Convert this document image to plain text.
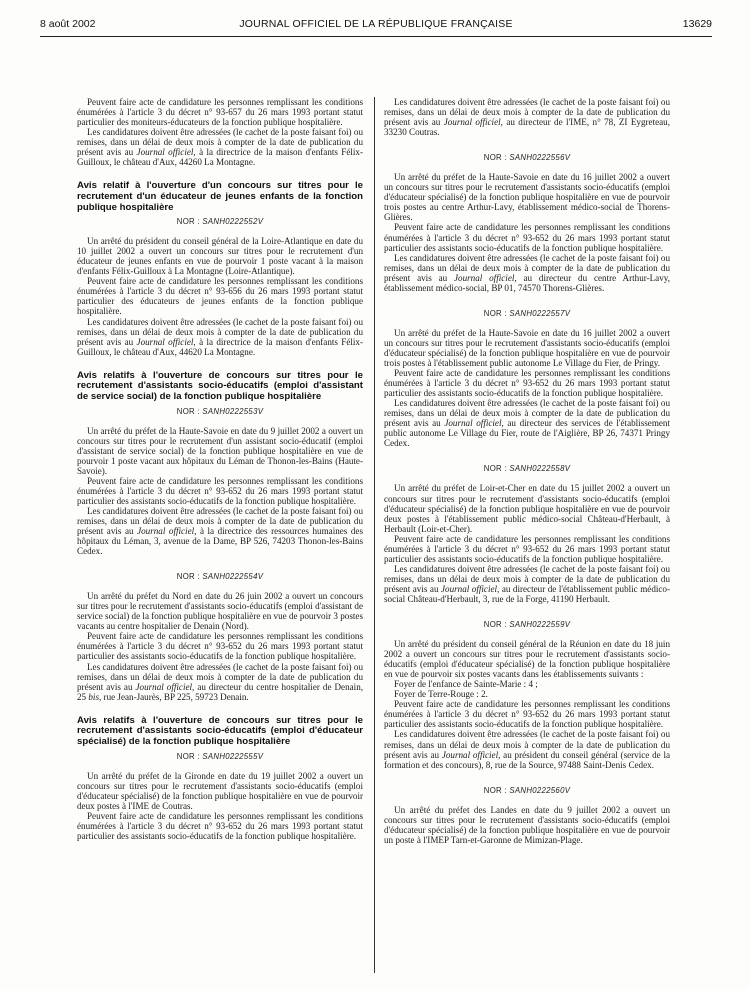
8 août 2002	JOURNAL OFFICIEL DE LA RÉPUBLIQUE FRANÇAISE	13629

Peuvent faire acte de candidature les personnes remplissant les conditions énumérées à l'article 3 du décret n° 93-657 du 26 mars 1993 portant statut particulier des moniteurs-éducateurs de la fonction publique hospitalière.

Les candidatures doivent être adressées (le cachet de la poste faisant foi) ou remises, dans un délai de deux mois à compter de la date de publication du présent avis au Journal officiel, à la directrice de la maison d'enfants Félix-Guilloux, le château d'Aux, 44260 La Montagne.

Avis relatif à l'ouverture d'un concours sur titres pour le recrutement d'un éducateur de jeunes enfants de la fonction publique hospitalière
NOR : SANH0222552V

Un arrêté du président du conseil général de la Loire-Atlantique en date du 10 juillet 2002 a ouvert un concours sur titres pour le recrutement d'un éducateur de jeunes enfants en vue de pourvoir 1 poste vacant à la maison d'enfants Félix-Guilloux à La Montagne (Loire-Atlantique).

Peuvent faire acte de candidature les personnes remplissant les conditions énumérées à l'article 3 du décret n° 93-656 du 26 mars 1993 portant statut particulier des éducateurs de jeunes enfants de la fonction publique hospitalière.

Les candidatures doivent être adressées (le cachet de la poste faisant foi) ou remises, dans un délai de deux mois à compter de la date de publication du présent avis au Journal officiel, à la directrice de la maison d'enfants Félix-Guilloux, le château d'Aux, 44620 La Montagne.

Avis relatifs à l'ouverture de concours sur titres pour le recrutement d'assistants socio-éducatifs (emploi d'assistant de service social) de la fonction publique hospitalière
NOR : SANH0222553V

Un arrêté du préfet de la Haute-Savoie en date du 9 juillet 2002 a ouvert un concours sur titres pour le recrutement d'un assistant socio-éducatif (emploi d'assistant de service social) de la fonction publique hospitalière en vue de pourvoir 1 poste vacant aux hôpitaux du Léman de Thonon-les-Bains (Haute-Savoie).

Peuvent faire acte de candidature les personnes remplissant les conditions énumérées à l'article 3 du décret n° 93-652 du 26 mars 1993 portant statut particulier des assistants socio-éducatifs de la fonction publique hospitalière.

Les candidatures doivent être adressées (le cachet de la poste faisant foi) ou remises, dans un délai de deux mois à compter de la date de publication du présent avis au Journal officiel, à la directrice des ressources humaines des hôpitaux du Léman, 3, avenue de la Dame, BP 526, 74203 Thonon-les-Bains Cedex.

NOR : SANH0222554V

Un arrêté du préfet du Nord en date du 26 juin 2002 a ouvert un concours sur titres pour le recrutement d'assistants socio-éducatifs (emploi d'assistant de service social) de la fonction publique hospitalière en vue de pourvoir 3 postes vacants au centre hospitalier de Denain (Nord).

Peuvent faire acte de candidature les personnes remplissant les conditions énumérées à l'article 3 du décret n° 93-652 du 26 mars 1993 portant statut particulier des assistants socio-éducatifs de la fonction publique hospitalière.

Les candidatures doivent être adressées (le cachet de la poste faisant foi) ou remises, dans un délai de deux mois à compter de la date de publication du présent avis au Journal officiel, au directeur du centre hospitalier de Denain, 25 bis, rue Jean-Jaurès, BP 225, 59723 Denain.

Avis relatifs à l'ouverture de concours sur titres pour le recrutement d'assistants socio-éducatifs (emploi d'éducateur spécialisé) de la fonction publique hospitalière
NOR : SANH0222555V

Un arrêté du préfet de la Gironde en date du 19 juillet 2002 a ouvert un concours sur titres pour le recrutement d'assistants socio-éducatifs (emploi d'éducateur spécialisé) de la fonction publique hospitalière en vue de pourvoir deux postes à l'IME de Coutras.

Peuvent faire acte de candidature les personnes remplissant les conditions énumérées à l'article 3 du décret n° 93-652 du 26 mars 1993 portant statut particulier des assistants socio-éducatifs de la fonction publique hospitalière.

Les candidatures doivent être adressées (le cachet de la poste faisant foi) ou remises, dans un délai de deux mois à compter de la date de publication du présent avis au Journal officiel, au directeur de l'IME, n° 78, ZI Eygreteau, 33230 Coutras.

NOR : SANH0222556V

Un arrêté du préfet de la Haute-Savoie en date du 16 juillet 2002 a ouvert un concours sur titres pour le recrutement d'assistants socio-éducatifs (emploi d'éducateur spécialisé) de la fonction publique hospitalière en vue de pourvoir trois postes au centre Arthur-Lavy, établissement médico-social de Thorens-Glières.

Peuvent faire acte de candidature les personnes remplissant les conditions énumérées à l'article 3 du décret n° 93-652 du 26 mars 1993 portant statut particulier des assistants socio-éducatifs de la fonction publique hospitalière.

Les candidatures doivent être adressées (le cachet de la poste faisant foi) ou remises, dans un délai de deux mois à compter de la date de publication du présent avis au Journal officiel, au directeur du centre Arthur-Lavy, établissement médico-social, BP 01, 74570 Thorens-Glières.

NOR : SANH0222557V

Un arrêté du préfet de la Haute-Savoie en date du 16 juillet 2002 a ouvert un concours sur titres pour le recrutement d'assistants socio-éducatifs (emploi d'éducateur spécialisé) de la fonction publique hospitalière en vue de pourvoir trois postes à l'établissement public autonome Le Village du Fier, de Pringy.

Peuvent faire acte de candidature les personnes remplissant les conditions énumérées à l'article 3 du décret n° 93-652 du 26 mars 1993 portant statut particulier des assistants socio-éducatifs de la fonction publique hospitalière.

Les candidatures doivent être adressées (le cachet de la poste faisant foi) ou remises, dans un délai de deux mois à compter de la date de publication du présent avis au Journal officiel, au directeur des services de l'établissement public autonome Le Village du Fier, route de l'Aiglière, BP 26, 74371 Pringy Cedex.

NOR : SANH0222558V

Un arrêté du préfet de Loir-et-Cher en date du 15 juillet 2002 a ouvert un concours sur titres pour le recrutement d'assistants socio-éducatifs (emploi d'éducateur spécialisé) de la fonction publique hospitalière en vue de pourvoir deux postes à l'établissement public médico-social Château-d'Herbault, à Herbault (Loir-et-Cher).

Peuvent faire acte de candidature les personnes remplissant les conditions énumérées à l'article 3 du décret n° 93-652 du 26 mars 1993 portant statut particulier des assistants socio-éducatifs de la fonction publique hospitalière.

Les candidatures doivent être adressées (le cachet de la poste faisant foi) ou remises, dans un délai de deux mois à compter de la date de publication du présent avis au Journal officiel, au directeur de l'établissement public médico-social Château-d'Herbault, 3, rue de la Forge, 41190 Herbault.

NOR : SANH0222559V

Un arrêté du président du conseil général de la Réunion en date du 18 juin 2002 a ouvert un concours sur titres pour le recrutement d'assistants socio-éducatifs (emploi d'éducateur spécialisé) de la fonction publique hospitalière en vue de pourvoir six postes vacants dans les établissements suivants :

Foyer de l'enfance de Sainte-Marie : 4 ;

Foyer de Terre-Rouge : 2.

Peuvent faire acte de candidature les personnes remplissant les conditions énumérées à l'article 3 du décret n° 93-652 du 26 mars 1993 portant statut particulier des assistants socio-éducatifs de la fonction publique hospitalière.

Les candidatures doivent être adressées (le cachet de la poste faisant foi) ou remises, dans un délai de deux mois à compter de la date de publication du présent avis au Journal officiel, au président du conseil général (service de la formation et des concours), 8, rue de la Source, 97488 Saint-Denis Cedex.

NOR : SANH0222560V

Un arrêté du préfet des Landes en date du 9 juillet 2002 a ouvert un concours sur titres pour le recrutement d'assistants socio-éducatifs (emploi d'éducateur spécialisé) de la fonction publique hospitalière en vue de pourvoir un poste à l'IMEP Tarn-et-Garonne de Mimizan-Plage.
